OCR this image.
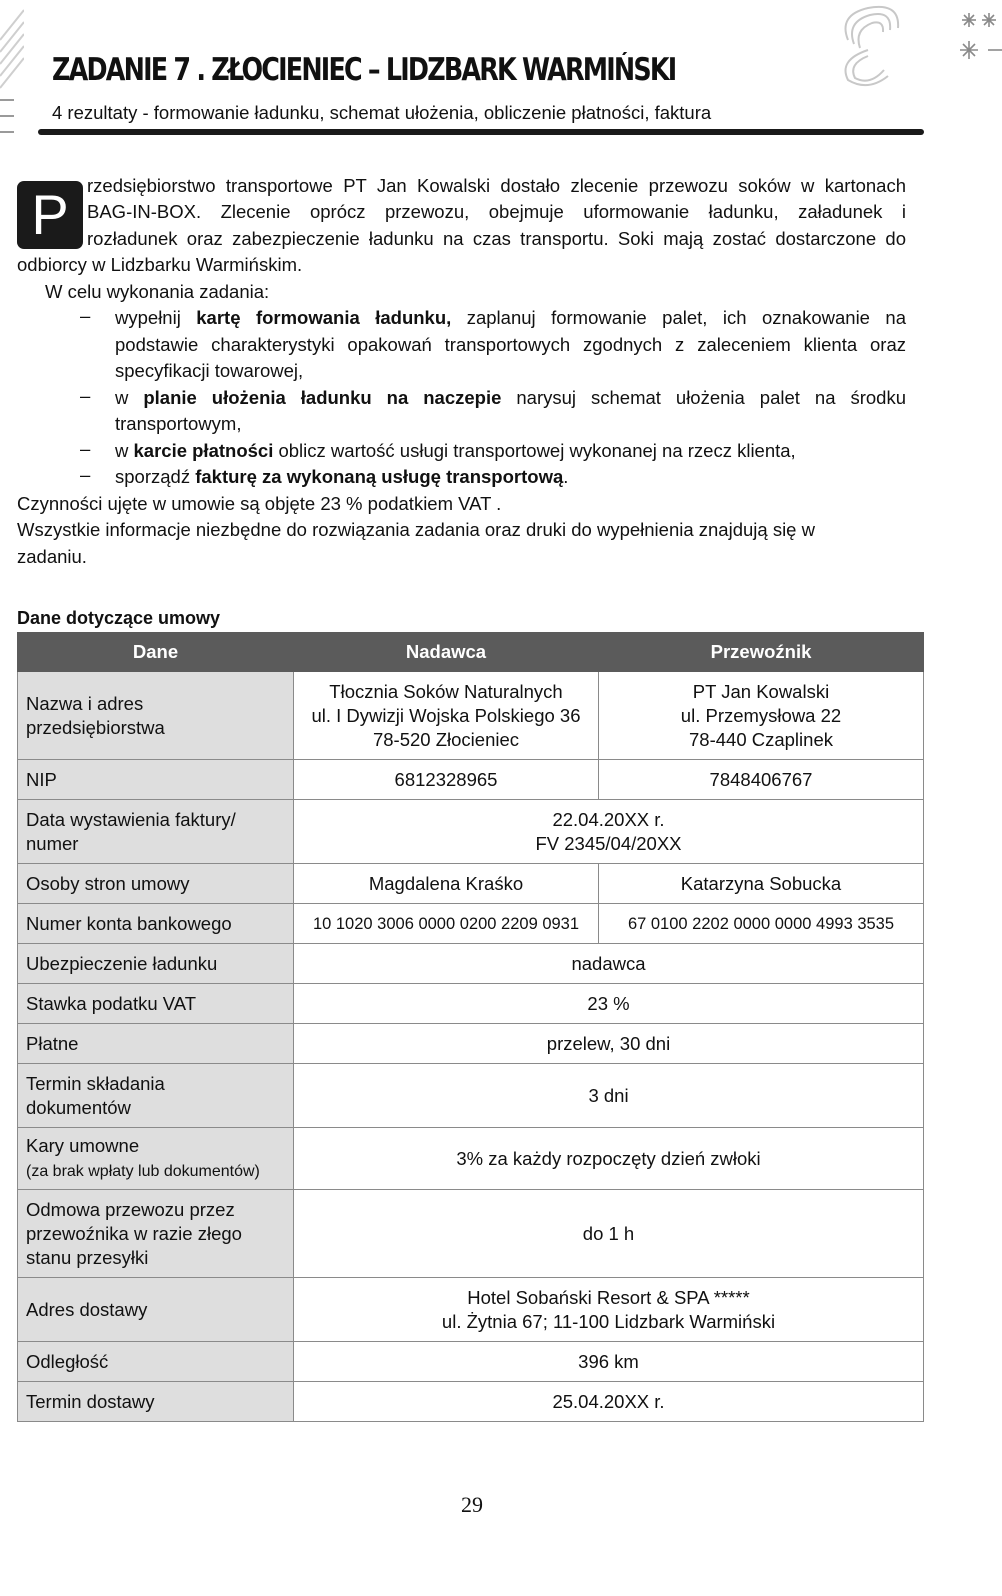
ZADANIE 7 . ZŁOCIENIEC – LIDZBARK WARMIŃSKI
4 rezultaty - formowanie ładunku, schemat ułożenia, obliczenie płatności, faktura
P rzedsiębiorstwo transportowe PT Jan Kowalski dostało zlecenie przewozu soków w kartonach
BAG-IN-BOX. Zlecenie oprócz przewozu, obejmuje uformowanie ładunku, załadunek i
rozładunek oraz zabezpieczenie ładunku na czas transportu. Soki mają zostać dostarczone do
odbiorcy w Lidzbarku Warmińskim.
W celu wykonania zadania:
– wypełnij kartę formowania ładunku, zaplanuj formowanie palet, ich oznakowanie na
podstawie charakterystyki opakowań transportowych zgodnych z zaleceniem klienta oraz
specyfikacji towarowej,
– w planie ułożenia ładunku na naczepie narysuj schemat ułożenia palet na środku
transportowym,
– w karcie płatności oblicz wartość usługi transportowej wykonanej na rzecz klienta,
– sporządź fakturę za wykonaną usługę transportową.
Czynności ujęte w umowie są objęte 23 % podatkiem VAT .
Wszystkie informacje niezbędne do rozwiązania zadania oraz druki do wypełnienia znajdują się w
zadaniu.
Dane dotyczące umowy
Dane	Nadawca	Przewoźnik
Nazwa i adres
przedsiębiorstwa	Tłocznia Soków Naturalnych
ul. I Dywizji Wojska Polskiego 36
78-520 Złocieniec	PT Jan Kowalski
ul. Przemysłowa 22
78-440 Czaplinek
NIP	6812328965	7848406767
Data wystawienia faktury/
numer	22.04.20XX r.
FV 2345/04/20XX	
Osoby stron umowy	Magdalena Kraśko	Katarzyna Sobucka
Numer konta bankowego	10 1020 3006 0000 0200 2209 0931	67 0100 2202 0000 0000 4993 3535
Ubezpieczenie ładunku	nadawca	
Stawka podatku VAT	23 %	
Płatne	przelew, 30 dni	
Termin składania
dokumentów	3 dni	
Kary umowne
(za brak wpłaty lub dokumentów)	3% za każdy rozpoczęty dzień zwłoki	
Odmowa przewozu przez
przewoźnika w razie złego
stanu przesyłki	do 1 h	
Adres dostawy	Hotel Sobański Resort & SPA *****
ul. Żytnia 67; 11-100 Lidzbark Warmiński	
Odległość	396 km	
Termin dostawy	25.04.20XX r.	
29
